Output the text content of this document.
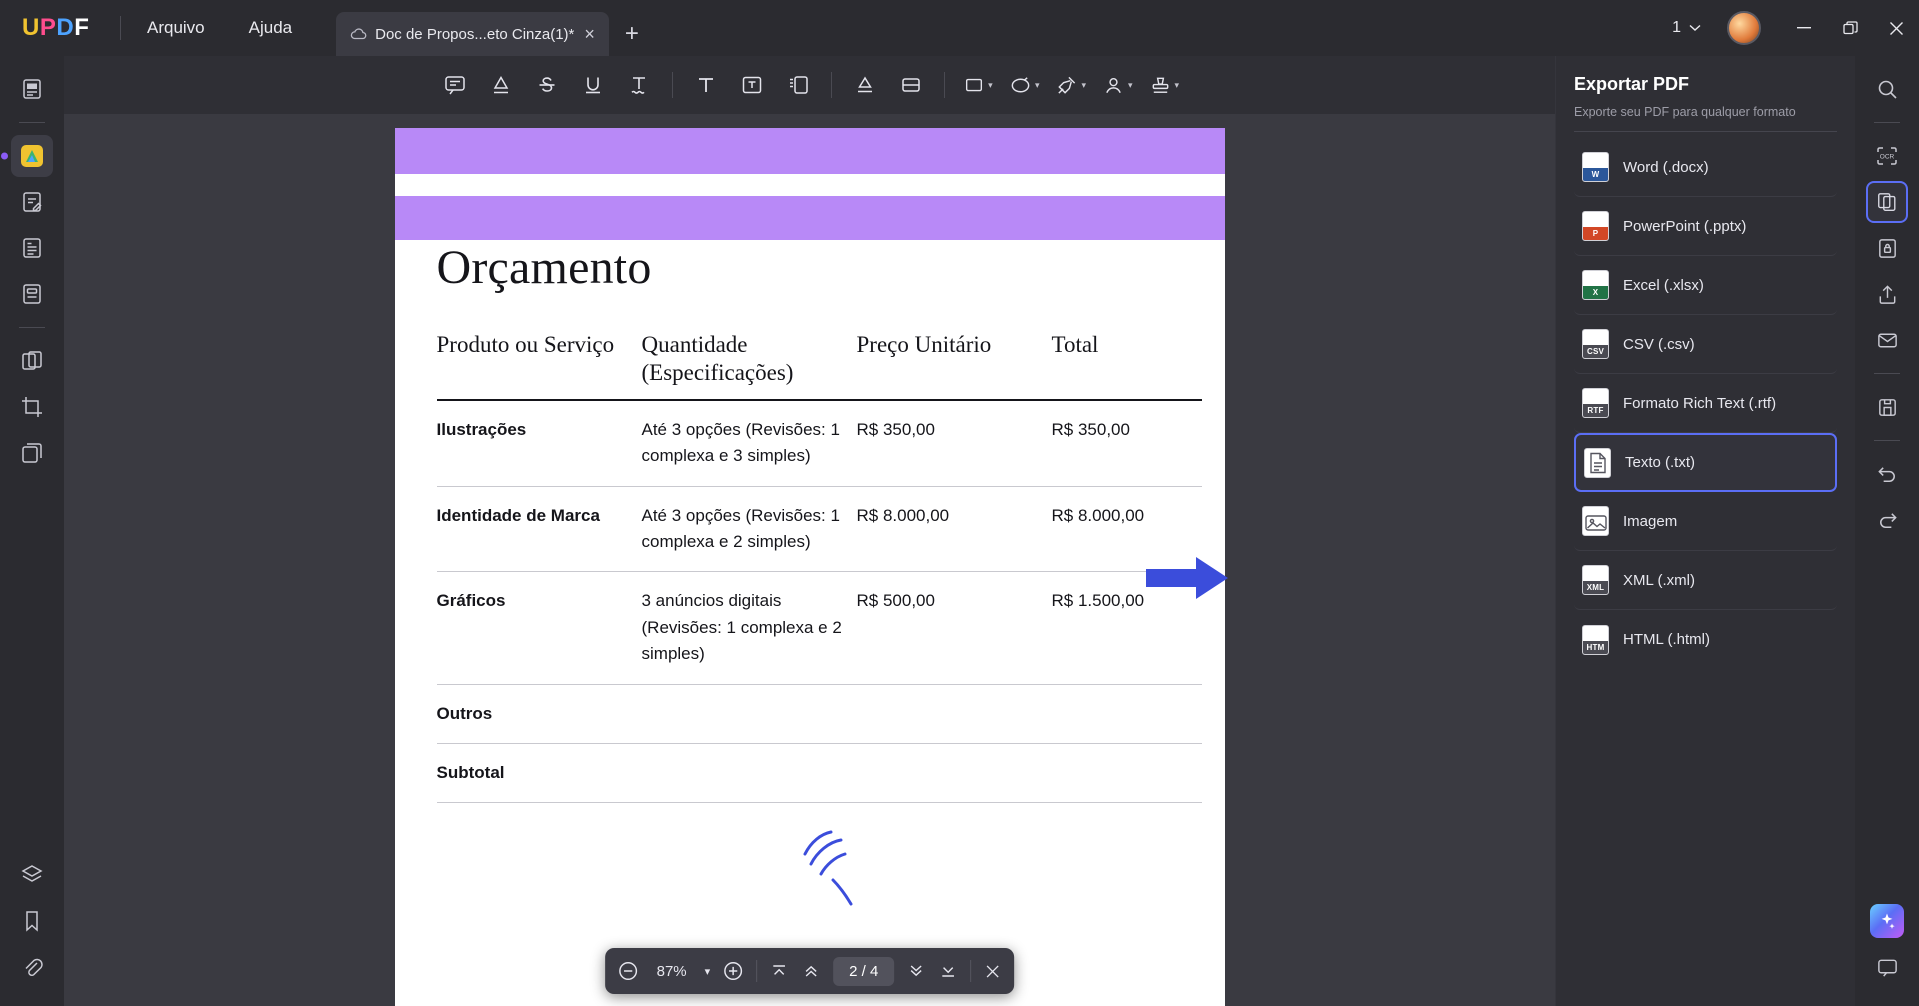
U P D F	Arquivo	Ajuda	Doc de Propos...eto Cinza(1)* ×	+	1
▾	▾	▾	▾	▾
Orçamento
Produto ou Serviço	Quantidade (Especificações)	Preço Unitário	Total
Ilustrações	Até 3 opções (Revisões: 1 complexa e 3 simples)	R$ 350,00	R$ 350,00
Identidade de Marca	Até 3 opções (Revisões: 1 complexa e 2 simples)	R$ 8.000,00	R$ 8.000,00
Gráficos	3 anúncios digitais (Revisões: 1 complexa e 2 simples)	R$ 500,00	R$ 1.500,00
Outros			
Subtotal			
87%	▾	2 / 4
Exportar PDF
Exporte seu PDF para qualquer formato
W	Word (.docx)
P	PowerPoint (.pptx)
X	Excel (.xlsx)
CSV CSV (.csv)
RTF Formato Rich Text (.rtf)
Texto (.txt)
Imagem
XML XML (.xml)
HTM HTML (.html)
OCR
